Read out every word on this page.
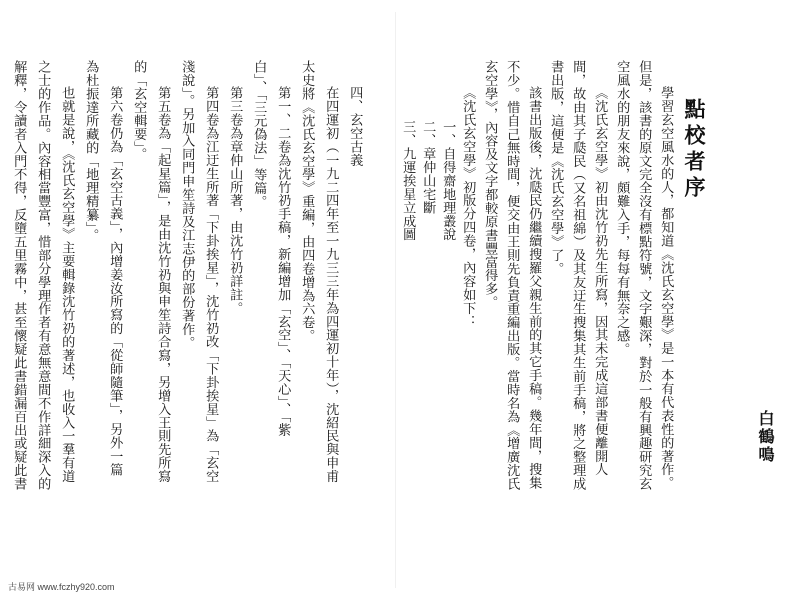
四、玄空古義
在四運初（一九二四年至一九三三年為四運初十年），沈紹民與申甫
太史將《沈氏玄空學》重編，由四卷增為六卷。
第一、二卷為沈竹礽手稿，新編增加「玄空」、「天心」、「紫
白」、「三元偽法」等篇。
第三卷為章仲山所著，由沈竹礽詳註。
第四卷為江迂生所著「下卦挨星」，沈竹礽改「下卦挨星」為「玄空
淺說」。另加入同門申笙詩及江志伊的部份著作。
第五卷為「起星篇」，是由沈竹礽與申笙詩合寫，另增入王則先所寫
的「玄空輯要」。
第六卷仍為「玄空古義」，內增姜汝所寫的「從師隨筆」，另外一篇
為杜振達所藏的「地理精纂」。
也就是說，《沈氏玄空學》主要輯錄沈竹礽的著述，也收入一羣有道
之士的作品。內容相當豐富，惜部分學理作者有意無意間不作詳細深入的
解釋，令讀者入門不得，反墮五里霧中，甚至懷疑此書錯漏百出或疑此書
古易网 www.fczhy920.com
點校者序
白鶴鳴
學習玄空風水的人，都知道《沈氏玄空學》是一本有代表性的著作。
但是，該書的原文完全沒有標點符號，文字艱深，對於一般有興趣研究玄
空風水的朋友來說，頗難入手，每每有無奈之感。
《沈氏玄空學》初由沈竹礽先生所寫，因其未完成這部書便離開人
間，故由其子瓞民（又名祖綿）及其友迂生搜集其生前手稿，將之整理成
書出版，這便是《沈氏玄空學》了。
該書出版後，沈瓞民仍繼續搜羅父親生前的其它手稿。幾年間，搜集
不少。惜自己無時間，便交由王則先負責重編出版。當時名為《增廣沈氏
玄空學》，內容及文字都較原書豐富得多。
《沈氏玄空學》初版分四卷，內容如下：
一、自得齋地理叢說
二、章仲山宅斷
三、九運挨星立成圖
